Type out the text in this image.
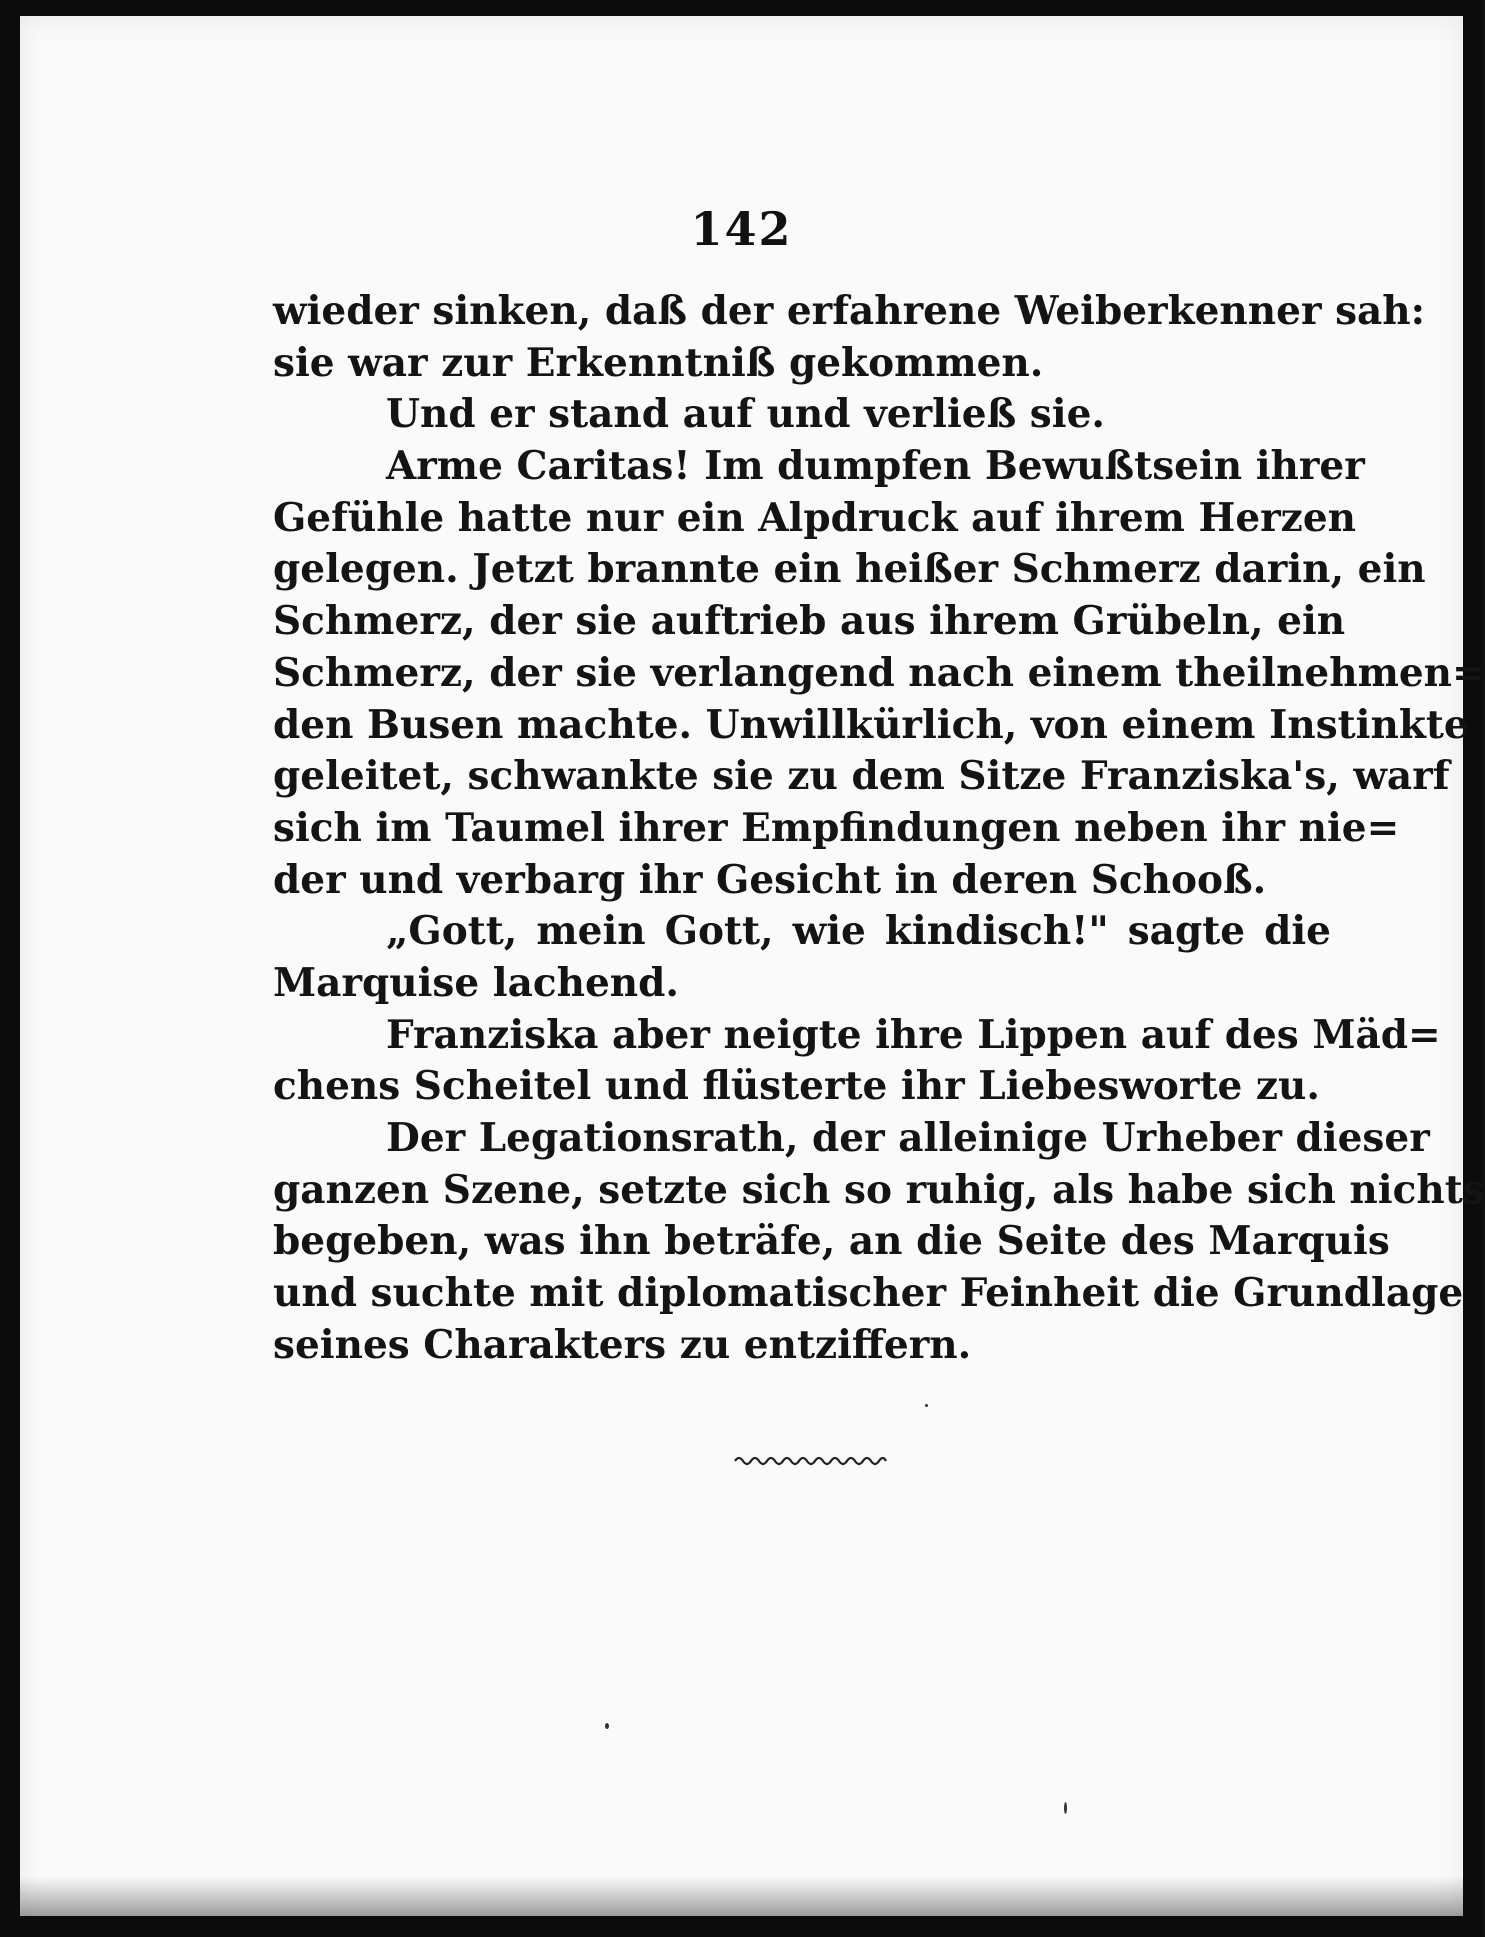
142
wieder sinken, daß der erfahrene Weiberkenner sah:
sie war zur Erkenntniß gekommen.
Und er stand auf und verließ sie.
Arme Caritas! Im dumpfen Bewußtsein ihrer
Gefühle hatte nur ein Alpdruck auf ihrem Herzen
gelegen. Jetzt brannte ein heißer Schmerz darin, ein
Schmerz, der sie auftrieb aus ihrem Grübeln, ein
Schmerz, der sie verlangend nach einem theilnehmen=
den Busen machte. Unwillkürlich, von einem Instinkte
geleitet, schwankte sie zu dem Sitze Franziska's, warf
sich im Taumel ihrer Empfindungen neben ihr nie=
der und verbarg ihr Gesicht in deren Schooß.
„Gott, mein Gott, wie kindisch!" sagte die
Marquise lachend.
Franziska aber neigte ihre Lippen auf des Mäd=
chens Scheitel und flüsterte ihr Liebesworte zu.
Der Legationsrath, der alleinige Urheber dieser
ganzen Szene, setzte sich so ruhig, als habe sich nichts
begeben, was ihn beträfe, an die Seite des Marquis
und suchte mit diplomatischer Feinheit die Grundlage
seines Charakters zu entziffern.
